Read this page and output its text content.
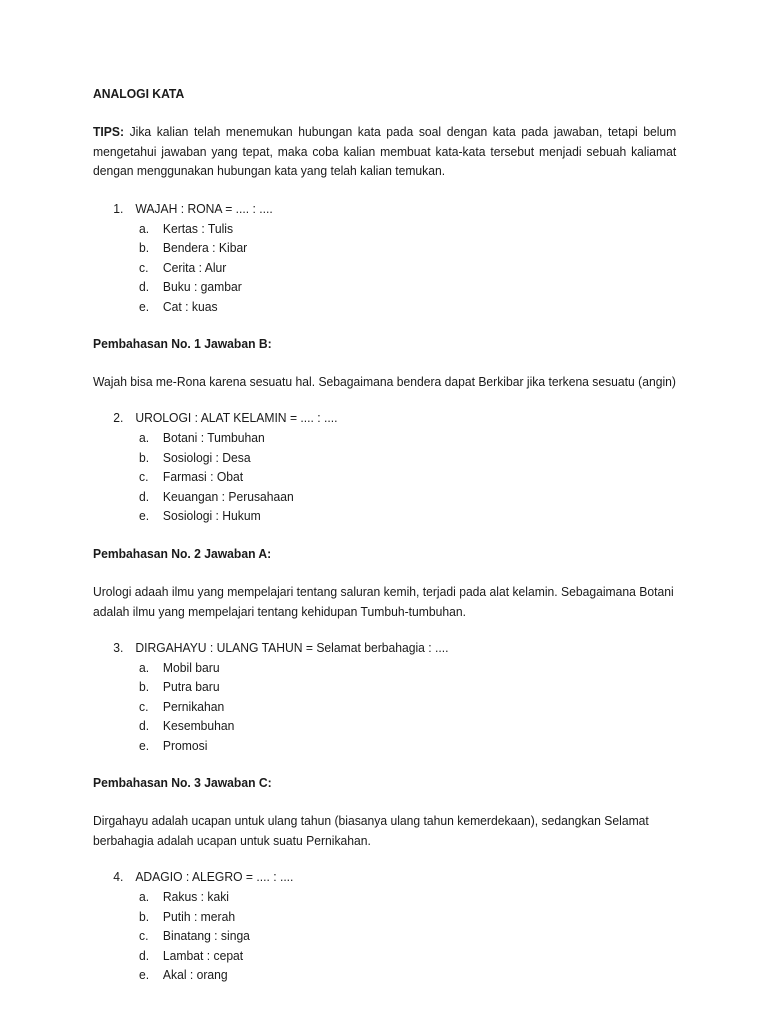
ANALOGI KATA

TIPS: Jika kalian telah menemukan hubungan kata pada soal dengan kata pada jawaban, tetapi belum mengetahui jawaban yang tepat, maka coba kalian membuat kata-kata tersebut menjadi sebuah kaliamat dengan menggunakan hubungan kata yang telah kalian temukan.

1. WAJAH : RONA = .... : ....
a. Kertas : Tulis
b. Bendera : Kibar
c. Cerita : Alur
d. Buku : gambar
e. Cat : kuas
Pembahasan No. 1 Jawaban B:

Wajah bisa me-Rona karena sesuatu hal. Sebagaimana bendera dapat Berkibar jika terkena sesuatu (angin)

2. UROLOGI : ALAT KELAMIN = .... : ....
a. Botani : Tumbuhan
b. Sosiologi : Desa
c. Farmasi : Obat
d. Keuangan : Perusahaan
e. Sosiologi : Hukum
Pembahasan No. 2 Jawaban A:

Urologi adaah ilmu yang mempelajari tentang saluran kemih, terjadi pada alat kelamin. Sebagaimana Botani adalah ilmu yang mempelajari tentang kehidupan Tumbuh-tumbuhan.

3. DIRGAHAYU : ULANG TAHUN = Selamat berbahagia : ....
a. Mobil baru
b. Putra baru
c. Pernikahan
d. Kesembuhan
e. Promosi
Pembahasan No. 3 Jawaban C:

Dirgahayu adalah ucapan untuk ulang tahun (biasanya ulang tahun kemerdekaan), sedangkan Selamat berbahagia adalah ucapan untuk suatu Pernikahan.

4. ADAGIO : ALEGRO = .... : ....
a. Rakus : kaki
b. Putih : merah
c. Binatang : singa
d. Lambat : cepat
e. Akal : orang
